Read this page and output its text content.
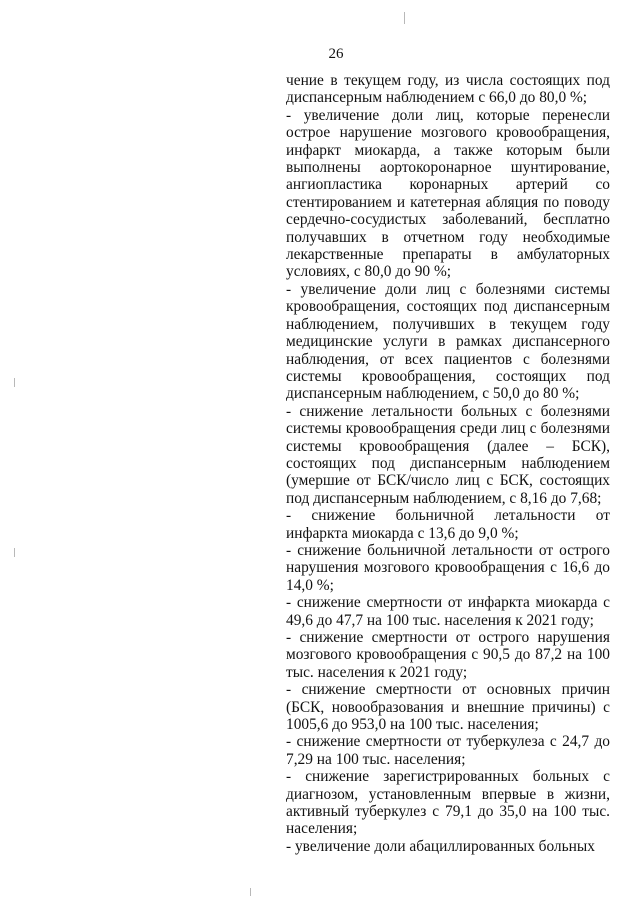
26

чение в текущем году, из числа состоящих под диспансерным наблюдением с 66,0 до 80,0 %;

- увеличение доли лиц, которые перенесли острое нарушение мозгового кровообращения, инфаркт миокарда, а также которым были выполнены аортокоронарное шунтирование, ангиопластика коронарных артерий со стентированием и катетерная абляция по поводу сердечно-сосудистых заболеваний, бесплатно получавших в отчетном году необходимые лекарственные препараты в амбулаторных условиях, с 80,0 до 90 %;

- увеличение доли лиц с болезнями системы кровообращения, состоящих под диспансерным наблюдением, получивших в текущем году медицинские услуги в рамках диспансерного наблюдения, от всех пациентов с болезнями системы кровообращения, состоящих под диспансерным наблюдением, с 50,0 до 80 %;

- снижение летальности больных с болезнями системы кровообращения среди лиц с болезнями системы кровообращения (далее – БСК), состоящих под диспансерным наблюдением (умершие от БСК/число лиц с БСК, состоящих под диспансерным наблюдением, с 8,16 до 7,68;

- снижение больничной летальности от инфаркта миокарда с 13,6 до 9,0 %;

- снижение больничной летальности от острого нарушения мозгового кровообращения с 16,6 до 14,0 %;

- снижение смертности от инфаркта миокарда с 49,6 до 47,7 на 100 тыс. населения к 2021 году;

- снижение смертности от острого нарушения мозгового кровообращения с 90,5 до 87,2 на 100 тыс. населения к 2021 году;

- снижение смертности от основных причин (БСК, новообразования и внешние причины) с 1005,6 до 953,0 на 100 тыс. населения;

- снижение смертности от туберкулеза с 24,7 до 7,29 на 100 тыс. населения;

- снижение зарегистрированных больных с диагнозом, установленным впервые в жизни, активный туберкулез с 79,1 до 35,0 на 100 тыс. населения;

- увеличение доли абациллированных больных
